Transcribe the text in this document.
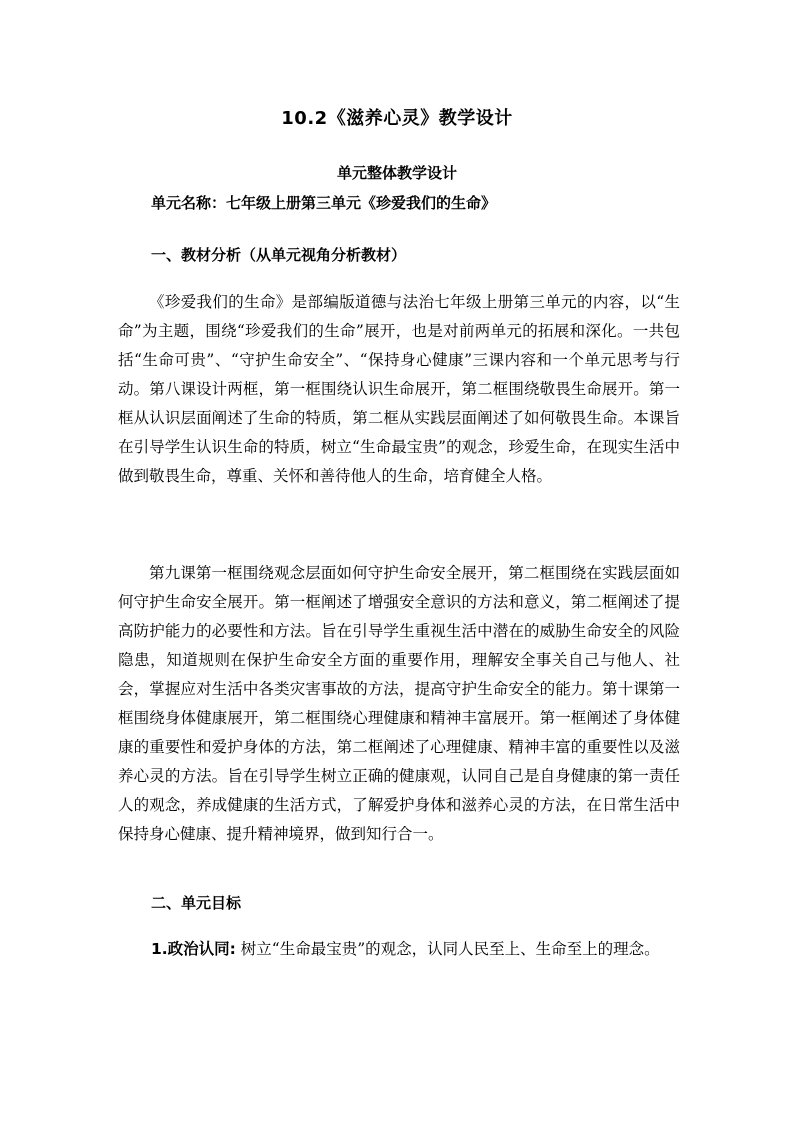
10.2《滋养心灵》教学设计
单元整体教学设计
单元名称：七年级上册第三单元《珍爱我们的生命》
一、教材分析（从单元视角分析教材）
《珍爱我们的生命》是部编版道德与法治七年级上册第三单元的内容，以“生命”为主题，围绕“珍爱我们的生命”展开，也是对前两单元的拓展和深化。一共包括“生命可贵”、“守护生命安全”、“保持身心健康”三课内容和一个单元思考与行动。第八课设计两框，第一框围绕认识生命展开，第二框围绕敬畏生命展开。第一框从认识层面阐述了生命的特质，第二框从实践层面阐述了如何敬畏生命。本课旨在引导学生认识生命的特质，树立“生命最宝贵”的观念，珍爱生命，在现实生活中做到敬畏生命，尊重、关怀和善待他人的生命，培育健全人格。
第九课第一框围绕观念层面如何守护生命安全展开，第二框围绕在实践层面如何守护生命安全展开。第一框阐述了增强安全意识的方法和意义，第二框阐述了提高防护能力的必要性和方法。旨在引导学生重视生活中潜在的威胁生命安全的风险隐患，知道规则在保护生命安全方面的重要作用，理解安全事关自己与他人、社会，掌握应对生活中各类灾害事故的方法，提高守护生命安全的能力。第十课第一框围绕身体健康展开，第二框围绕心理健康和精神丰富展开。第一框阐述了身体健康的重要性和爱护身体的方法，第二框阐述了心理健康、精神丰富的重要性以及滋养心灵的方法。旨在引导学生树立正确的健康观，认同自己是自身健康的第一责任人的观念，养成健康的生活方式，了解爱护身体和滋养心灵的方法，在日常生活中保持身心健康、提升精神境界，做到知行合一。
二、单元目标
1.政治认同: 树立“生命最宝贵”的观念，认同人民至上、生命至上的理念。
